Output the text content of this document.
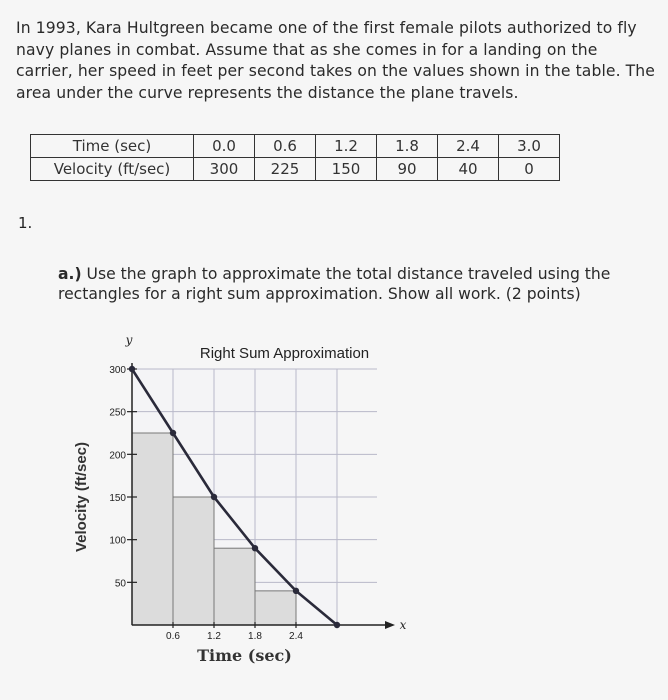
In 1993, Kara Hultgreen became one of the first female pilots authorized to fly navy planes in combat. Assume that as she comes in for a landing on the carrier, her speed in feet per second takes on the values shown in the table. The area under the curve represents the distance the plane travels.
Time (sec)	0.0	0.6	1.2	1.8	2.4	3.0
Velocity (ft/sec)	300	225	150	90	40	0
1.
a.) Use the graph to approximate the total distance traveled using the rectangles for a right sum approximation. Show all work. (2 points)
50
100
150
200
250
300
0.6	1.2	1.8	2.4
Right Sum Approximation
y
x
Time (sec)
Velocity (ft/sec)
